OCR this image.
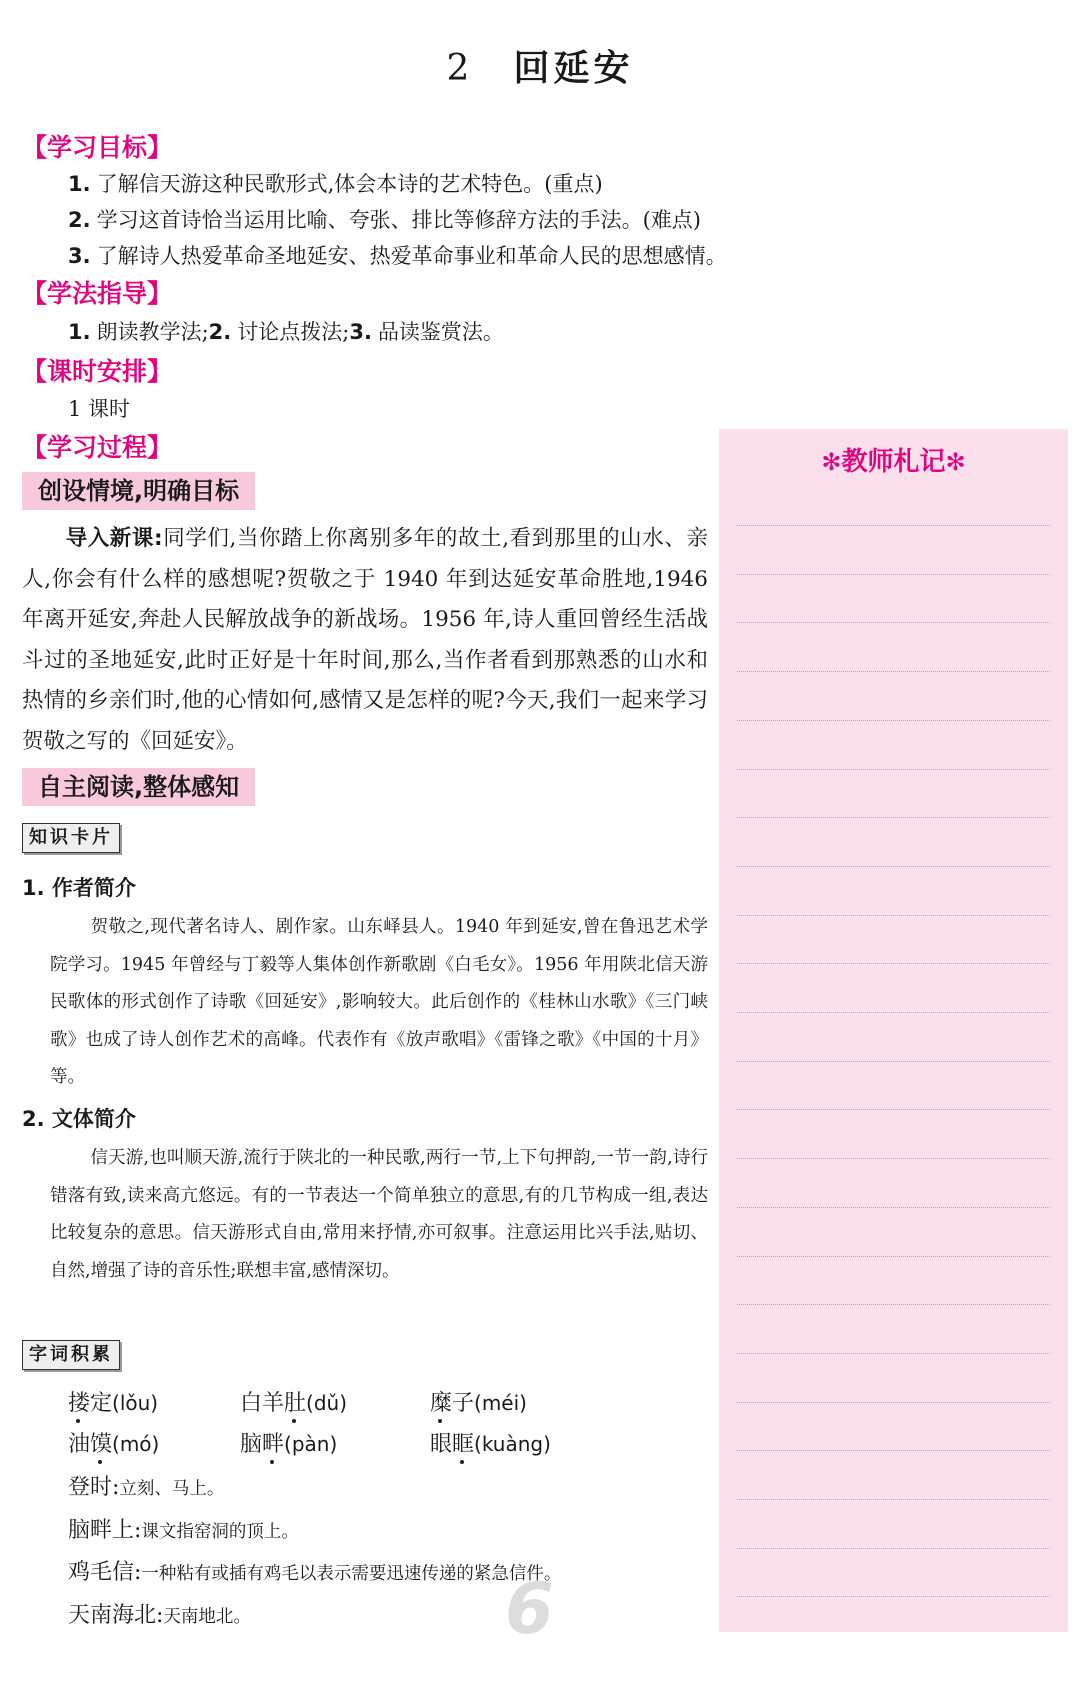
2 回延安
【学习目标】
1. 了解信天游这种民歌形式,体会本诗的艺术特色。(重点)
2. 学习这首诗恰当运用比喻、夸张、排比等修辞方法的手法。(难点)
3. 了解诗人热爱革命圣地延安、热爱革命事业和革命人民的思想感情。
【学法指导】
1. 朗读教学法;2. 讨论点拨法;3. 品读鉴赏法。
【课时安排】
1 课时
【学习过程】
创设情境,明确目标
导入新课:同学们,当你踏上你离别多年的故土,看到那里的山水、亲人,你会有什么样的感想呢?贺敬之于 1940 年到达延安革命胜地,1946 年离开延安,奔赴人民解放战争的新战场。1956 年,诗人重回曾经生活战斗过的圣地延安,此时正好是十年时间,那么,当作者看到那熟悉的山水和热情的乡亲们时,他的心情如何,感情又是怎样的呢?今天,我们一起来学习贺敬之写的《回延安》。
自主阅读,整体感知
知识卡片
1. 作者简介
贺敬之,现代著名诗人、剧作家。山东峄县人。1940 年到延安,曾在鲁迅艺术学院学习。1945 年曾经与丁毅等人集体创作新歌剧《白毛女》。1956 年用陕北信天游民歌体的形式创作了诗歌《回延安》,影响较大。此后创作的《桂林山水歌》《三门峡歌》也成了诗人创作艺术的高峰。代表作有《放声歌唱》《雷锋之歌》《中国的十月》等。
2. 文体简介
信天游,也叫顺天游,流行于陕北的一种民歌,两行一节,上下句押韵,一节一韵,诗行错落有致,读来高亢悠远。有的一节表达一个简单独立的意思,有的几节构成一组,表达比较复杂的意思。信天游形式自由,常用来抒情,亦可叙事。注意运用比兴手法,贴切、自然,增强了诗的音乐性;联想丰富,感情深切。
字词积累
搂定(lǒu)	白羊肚(dǔ)	糜子(méi)
油馍(mó)	脑畔(pàn)	眼眶(kuàng)
登时:立刻、马上。
脑畔上:课文指窑洞的顶上。
鸡毛信:一种粘有或插有鸡毛以表示需要迅速传递的紧急信件。
天南海北:天南地北。	6
✻教师札记✻
